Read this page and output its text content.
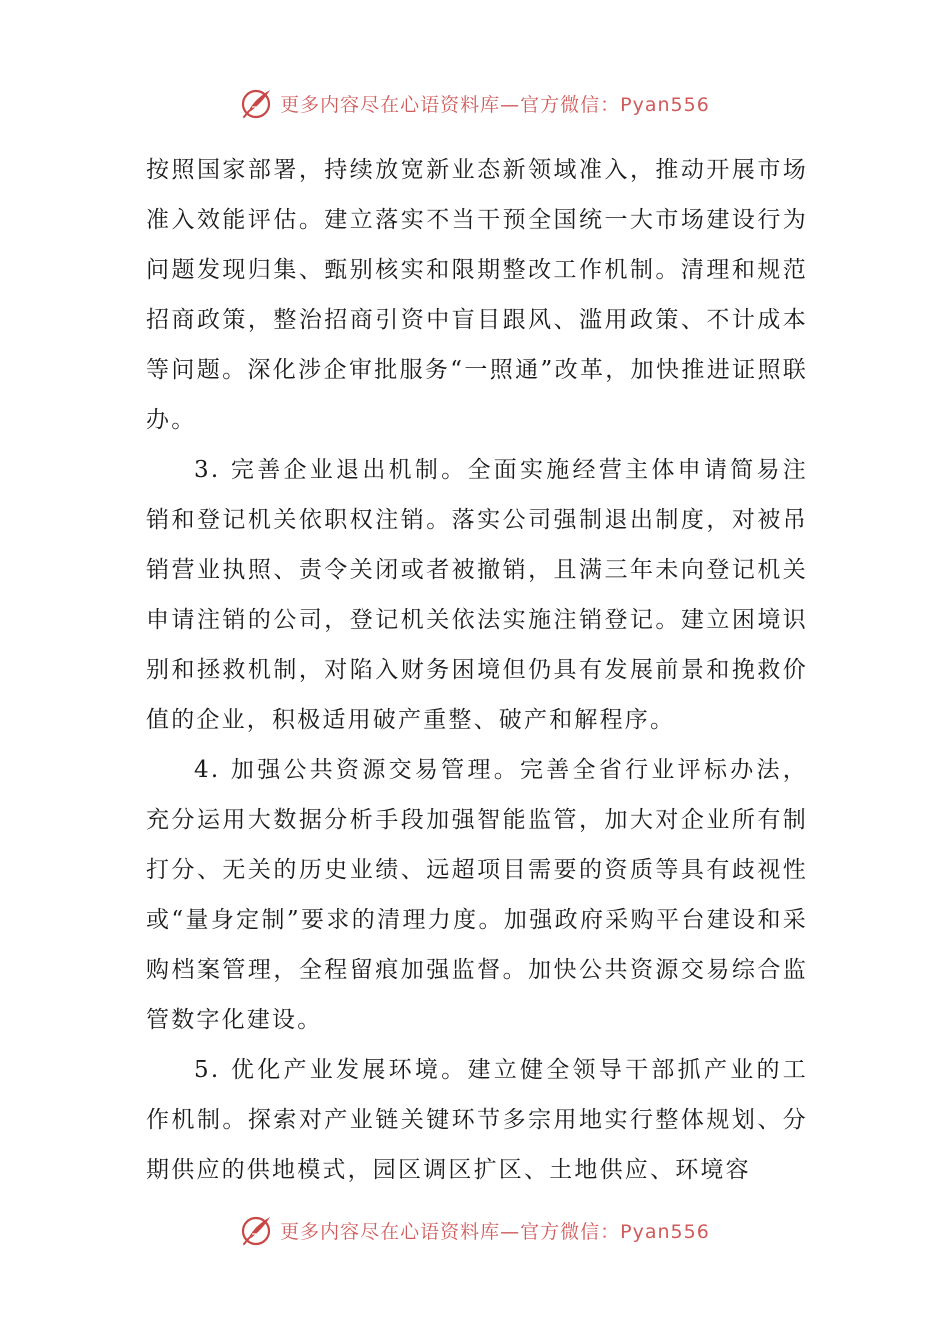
更多内容尽在心语资料库—官方微信：Pyan556

按照国家部署，持续放宽新业态新领域准入，推动开展市场准入效能评估。建立落实不当干预全国统一大市场建设行为问题发现归集、甄别核实和限期整改工作机制。清理和规范招商政策，整治招商引资中盲目跟风、滥用政策、不计成本等问题。深化涉企审批服务“一照通”改革，加快推进证照联办。

3. 完善企业退出机制。全面实施经营主体申请简易注销和登记机关依职权注销。落实公司强制退出制度，对被吊销营业执照、责令关闭或者被撤销，且满三年未向登记机关申请注销的公司，登记机关依法实施注销登记。建立困境识别和拯救机制，对陷入财务困境但仍具有发展前景和挽救价值的企业，积极适用破产重整、破产和解程序。

4. 加强公共资源交易管理。完善全省行业评标办法，充分运用大数据分析手段加强智能监管，加大对企业所有制打分、无关的历史业绩、远超项目需要的资质等具有歧视性或“量身定制”要求的清理力度。加强政府采购平台建设和采购档案管理，全程留痕加强监督。加快公共资源交易综合监管数字化建设。

5. 优化产业发展环境。建立健全领导干部抓产业的工作机制。探索对产业链关键环节多宗用地实行整体规划、分期供应的供地模式，园区调区扩区、土地供应、环境容

更多内容尽在心语资料库—官方微信：Pyan556
